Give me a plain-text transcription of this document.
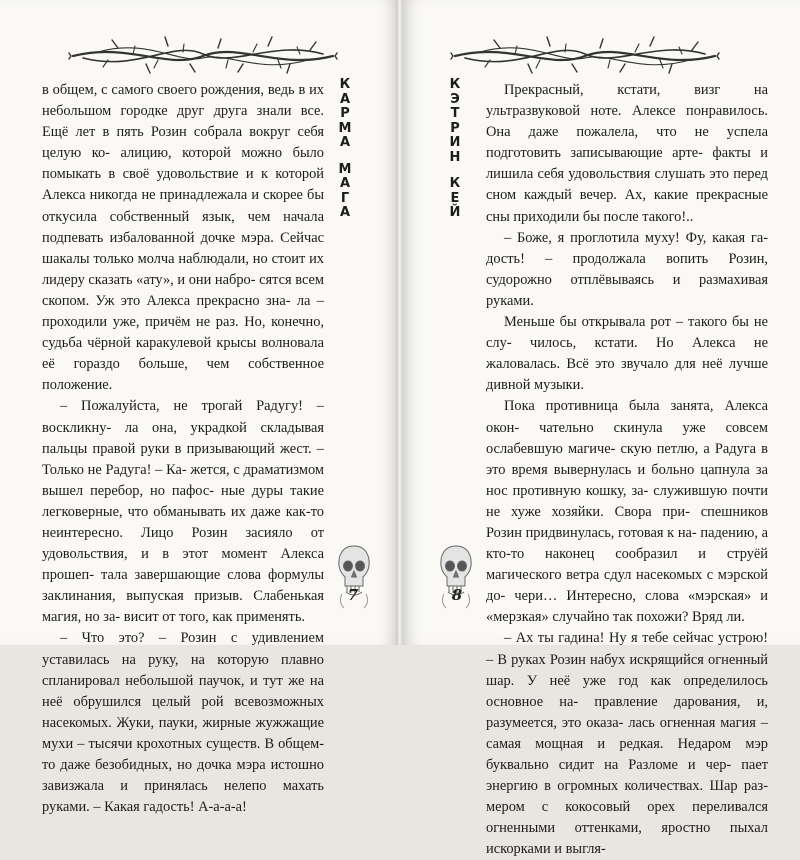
в общем, с самого своего рождения, ведь в их небольшом городке друг друга знали все. Ещё лет в пять Розин собрала вокруг себя целую ко- алицию, которой можно было помыкать в своё удовольствие и к которой Алекса никогда не принадлежала и скорее бы откусила собственный язык, чем начала подпевать избалованной дочке мэра. Сейчас шакалы только молча наблюдали, но стоит их лидеру сказать «ату», и они набро- сятся всем скопом. Уж это Алекса прекрасно зна- ла – проходили уже, причём не раз. Но, конечно, судьба чёрной каракулевой крысы волновала её гораздо больше, чем собственное положение.

– Пожалуйста, не трогай Радугу! – воскликну- ла она, украдкой складывая пальцы правой руки в призывающий жест. – Только не Радуга! – Ка- жется, с драматизмом вышел перебор, но пафос- ные дуры такие легковерные, что обманывать их даже как-то неинтересно. Лицо Розин засияло от удовольствия, и в этот момент Алекса прошеп- тала завершающие слова формулы заклинания, выпуская призыв. Слабенькая магия, но за- висит от того, как применять.

– Что это? – Розин с удивлением уставилась на руку, на которую плавно спланировал небольшой паучок, и тут же на неё обрушился целый рой всевозможных насекомых. Жуки, пауки, жирные жужжащие мухи – тысячи крохотных существ. В общем-то даже безобидных, но дочка мэра истошно завизжала и принялась нелепо махать руками. – Какая гадость! А-а-а-а!

К
А
Р
М
А
М
А
Г
А
7
К
Э
Т
Р
И
Н
К
Е
Й

Прекрасный, кстати, визг на ультразвуковой ноте. Алексе понравилось. Она даже пожалела, что не успела подготовить записывающие арте- факты и лишила себя удовольствия слушать это перед сном каждый вечер. Ах, какие прекрасные сны приходили бы после такого!..

– Боже, я проглотила муху! Фу, какая га- дость! – продолжала вопить Розин, судорожно отплёвываясь и размахивая руками.

Меньше бы открывала рот – такого бы не слу- чилось, кстати. Но Алекса не жаловалась. Всё это звучало для неё лучше дивной музыки.

Пока противница была занята, Алекса окон- чательно скинула уже совсем ослабевшую магиче- скую петлю, а Радуга в это время вывернулась и больно цапнула за нос противную кошку, за- служившую почти не хуже хозяйки. Свора при- спешников Розин придвинулась, готовая к на- падению, а кто-то наконец сообразил и струёй магического ветра сдул насекомых с мэрской до- чери… Интересно, слова «мэрская» и «мерзкая» случайно так похожи? Вряд ли.

– Ах ты гадина! Ну я тебе сейчас устрою! – В руках Розин набух искрящийся огненный шар. У неё уже год как определилось основное на- правление дарования, и, разумеется, это оказа- лась огненная магия – самая мощная и редкая. Недаром мэр буквально сидит на Разломе и чер- пает энергию в огромных количествах. Шар раз- мером с кокосовый орех переливался огненными оттенками, яростно пыхал искорками и выгля-

8
